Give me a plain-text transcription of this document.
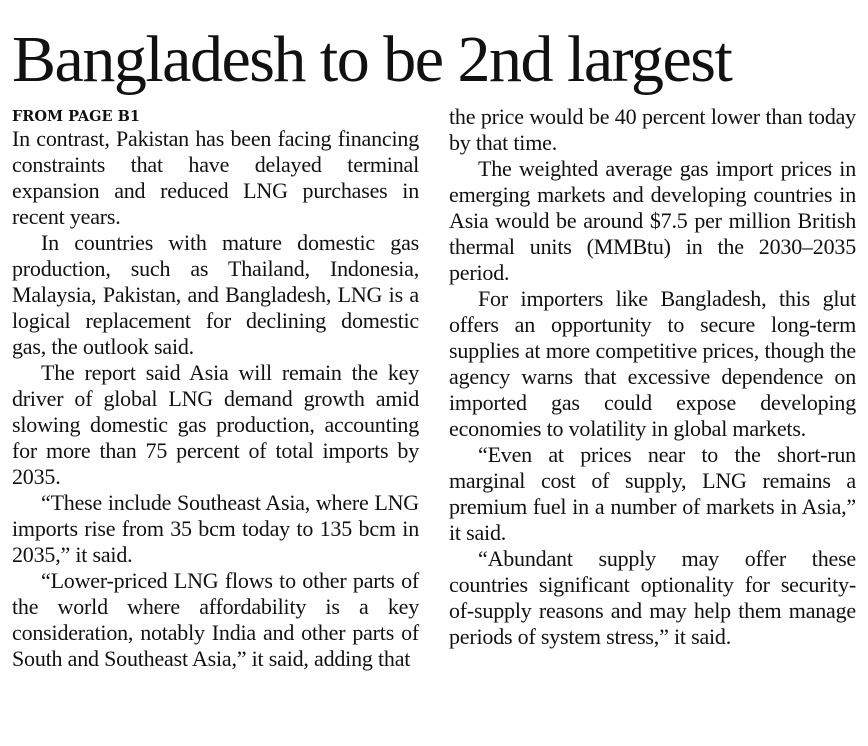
Bangladesh to be 2nd largest

FROM PAGE B1

In contrast, Pakistan has been facing financing constraints that have delayed terminal expansion and reduced LNG purchases in recent years.

In countries with mature domestic gas production, such as Thailand, Indonesia, Malaysia, Pakistan, and Bangladesh, LNG is a logical replacement for declining domestic gas, the outlook said.

The report said Asia will remain the key driver of global LNG demand growth amid slowing domestic gas production, accounting for more than 75 percent of total imports by 2035.

“These include Southeast Asia, where LNG imports rise from 35 bcm today to 135 bcm in 2035,” it said.

“Lower-priced LNG flows to other parts of the world where affordability is a key consideration, notably India and other parts of South and Southeast Asia,” it said, adding that

the price would be 40 percent lower than today by that time.

The weighted average gas import prices in emerging markets and developing countries in Asia would be around $7.5 per million British thermal units (MMBtu) in the 2030–2035 period.

For importers like Bangladesh, this glut offers an opportunity to secure long-term supplies at more competitive prices, though the agency warns that excessive dependence on imported gas could expose developing economies to volatility in global markets.

“Even at prices near to the short-run marginal cost of supply, LNG remains a premium fuel in a number of markets in Asia,” it said.

“Abundant supply may offer these countries significant optionality for security-of-supply reasons and may help them manage periods of system stress,” it said.
